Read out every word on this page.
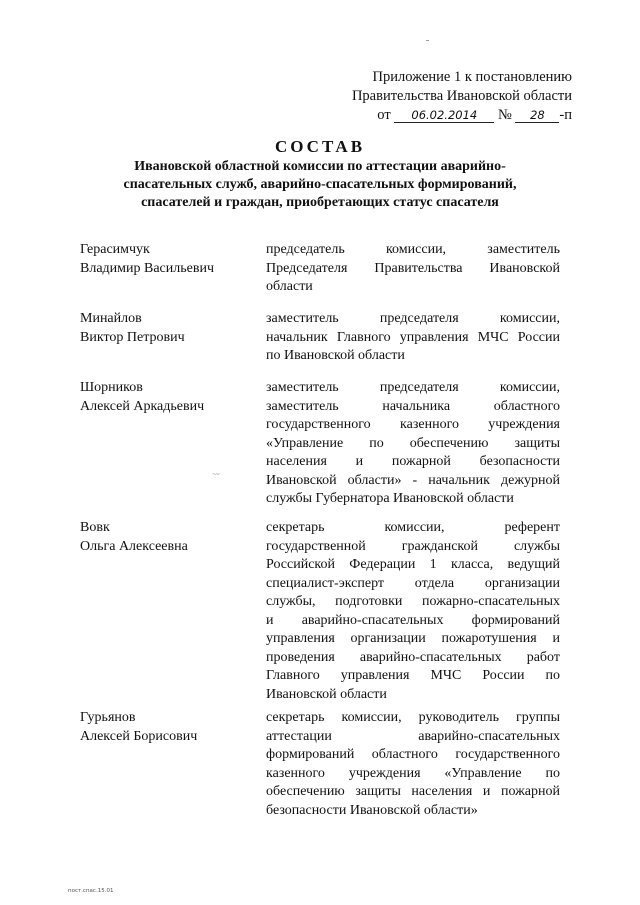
Приложение 1 к постановлению
Правительства Ивановской области
от 06.02.2014 № 28 -п
СОСТАВ
Ивановской областной комиссии по аттестации аварийно-
спасательных служб, аварийно-спасательных формирований,
спасателей и граждан, приобретающих статус спасателя
Герасимчук
Владимир Васильевич
председатель комиссии, заместитель
Председателя Правительства Ивановской
области
Минайлов
Виктор Петрович
заместитель председателя комиссии,
начальник Главного управления МЧС России
по Ивановской области
Шорников
Алексей Аркадьевич
заместитель председателя комиссии,
заместитель начальника областного
государственного казенного учреждения
«Управление по обеспечению защиты
населения и пожарной безопасности
Ивановской области» - начальник дежурной
службы Губернатора Ивановской области
~·-·
Вовк
Ольга Алексеевна
секретарь комиссии, референт
государственной гражданской службы
Российской Федерации 1 класса, ведущий
специалист-эксперт отдела организации
службы, подготовки пожарно-спасательных
и аварийно-спасательных формирований
управления организации пожаротушения и
проведения аварийно-спасательных работ
Главного управления МЧС России по
Ивановской области
Гурьянов
Алексей Борисович
секретарь комиссии, руководитель группы
аттестации аварийно-спасательных
формирований областного государственного
казенного учреждения «Управление по
обеспечению защиты населения и пожарной
безопасности Ивановской области»
пост.спас.15.01
